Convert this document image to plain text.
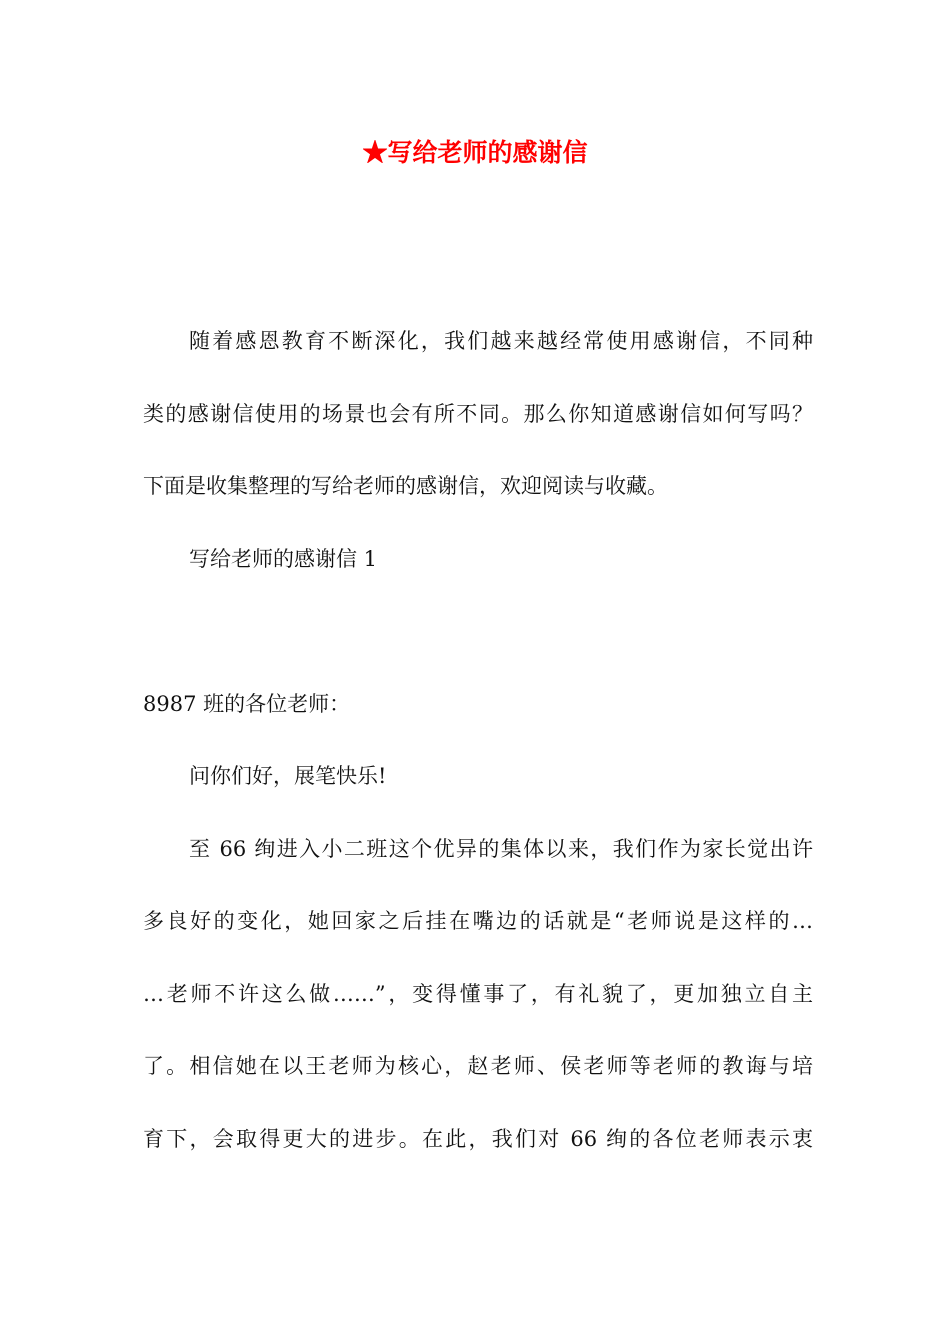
★写给老师的感谢信
随着感恩教育不断深化，我们越来越经常使用感谢信，不同种
类的感谢信使用的场景也会有所不同。那么你知道感谢信如何写吗？
下面是收集整理的写给老师的感谢信，欢迎阅读与收藏。
写给老师的感谢信 1
8987 班的各位老师：
问你们好，展笔快乐!
至 66 绚进入小二班这个优异的集体以来，我们作为家长觉出许
多良好的变化，她回家之后挂在嘴边的话就是“老师说是这样的…
…老师不许这么做……”，变得懂事了，有礼貌了，更加独立自主
了。相信她在以王老师为核心，赵老师、侯老师等老师的教诲与培
育下，会取得更大的进步。在此，我们对 66 绚的各位老师表示衷
